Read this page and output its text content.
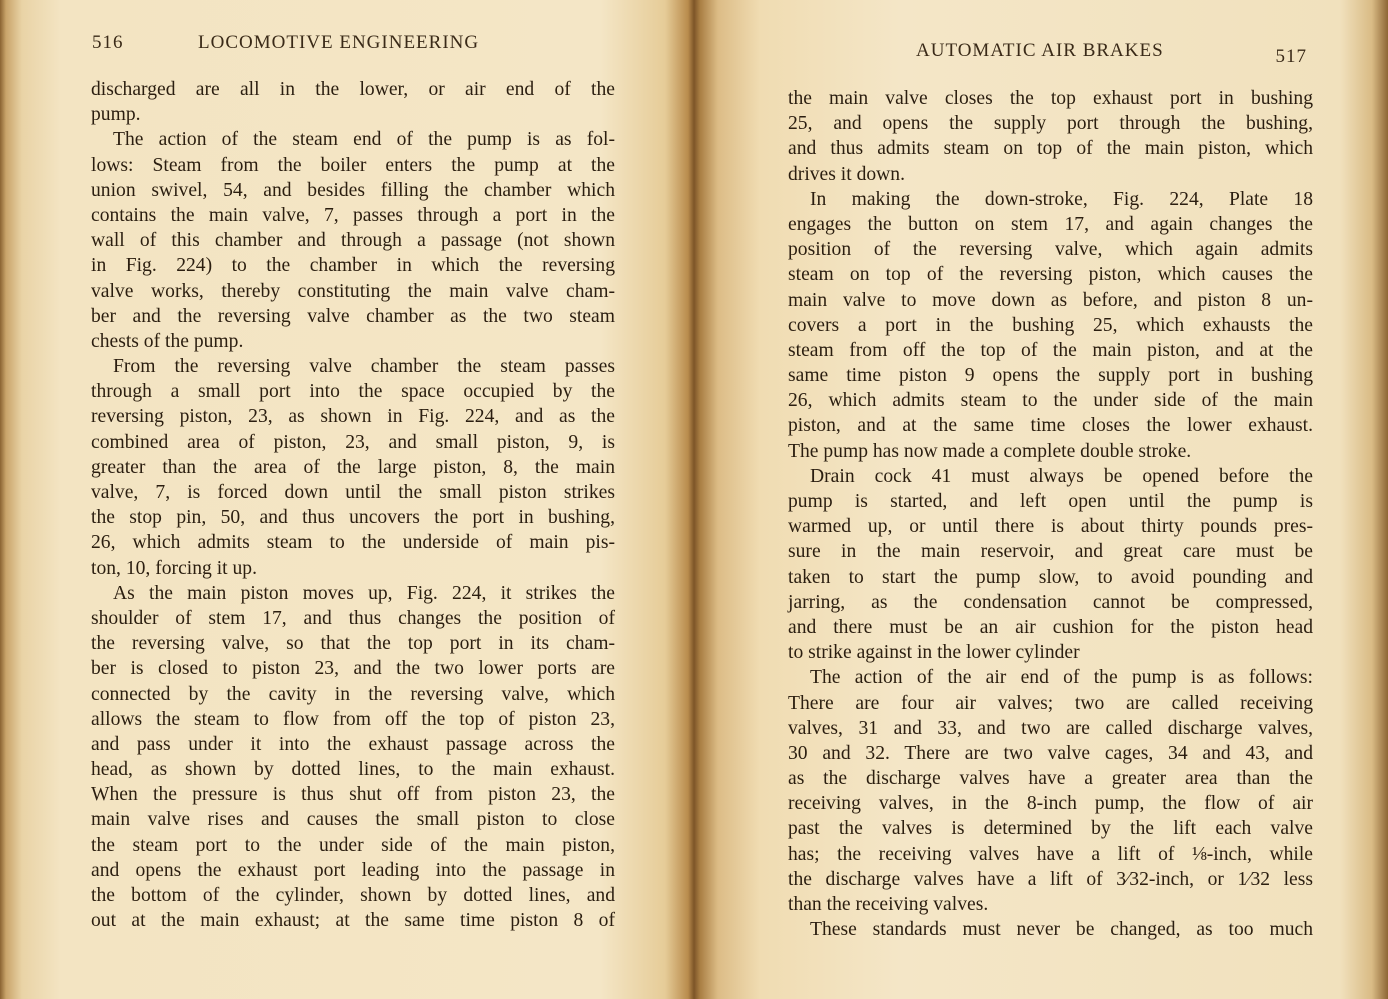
516	LOCOMOTIVE ENGINEERING
discharged are all in the lower, or air end of the
pump.
The action of the steam end of the pump is as fol-
lows: Steam from the boiler enters the pump at the
union swivel, 54, and besides filling the chamber which
contains the main valve, 7, passes through a port in the
wall of this chamber and through a passage (not shown
in Fig. 224) to the chamber in which the reversing
valve works, thereby constituting the main valve cham-
ber and the reversing valve chamber as the two steam
chests of the pump.
From the reversing valve chamber the steam passes
through a small port into the space occupied by the
reversing piston, 23, as shown in Fig. 224, and as the
combined area of piston, 23, and small piston, 9, is
greater than the area of the large piston, 8, the main
valve, 7, is forced down until the small piston strikes
the stop pin, 50, and thus uncovers the port in bushing,
26, which admits steam to the underside of main pis-
ton, 10, forcing it up.
As the main piston moves up, Fig. 224, it strikes the
shoulder of stem 17, and thus changes the position of
the reversing valve, so that the top port in its cham-
ber is closed to piston 23, and the two lower ports are
connected by the cavity in the reversing valve, which
allows the steam to flow from off the top of piston 23,
and pass under it into the exhaust passage across the
head, as shown by dotted lines, to the main exhaust.
When the pressure is thus shut off from piston 23, the
main valve rises and causes the small piston to close
the steam port to the under side of the main piston,
and opens the exhaust port leading into the passage in
the bottom of the cylinder, shown by dotted lines, and
out at the main exhaust; at the same time piston 8 of
AUTOMATIC AIR BRAKES	517
the main valve closes the top exhaust port in bushing
25, and opens the supply port through the bushing,
and thus admits steam on top of the main piston, which
drives it down.
In making the down-stroke, Fig. 224, Plate 18
engages the button on stem 17, and again changes the
position of the reversing valve, which again admits
steam on top of the reversing piston, which causes the
main valve to move down as before, and piston 8 un-
covers a port in the bushing 25, which exhausts the
steam from off the top of the main piston, and at the
same time piston 9 opens the supply port in bushing
26, which admits steam to the under side of the main
piston, and at the same time closes the lower exhaust.
The pump has now made a complete double stroke.
Drain cock 41 must always be opened before the
pump is started, and left open until the pump is
warmed up, or until there is about thirty pounds pres-
sure in the main reservoir, and great care must be
taken to start the pump slow, to avoid pounding and
jarring, as the condensation cannot be compressed,
and there must be an air cushion for the piston head
to strike against in the lower cylinder
The action of the air end of the pump is as follows:
There are four air valves; two are called receiving
valves, 31 and 33, and two are called discharge valves,
30 and 32. There are two valve cages, 34 and 43, and
as the discharge valves have a greater area than the
receiving valves, in the 8-inch pump, the flow of air
past the valves is determined by the lift each valve
has; the receiving valves have a lift of ⅛-inch, while
the discharge valves have a lift of 3⁄32-inch, or 1⁄32 less
than the receiving valves.
These standards must never be changed, as too much
